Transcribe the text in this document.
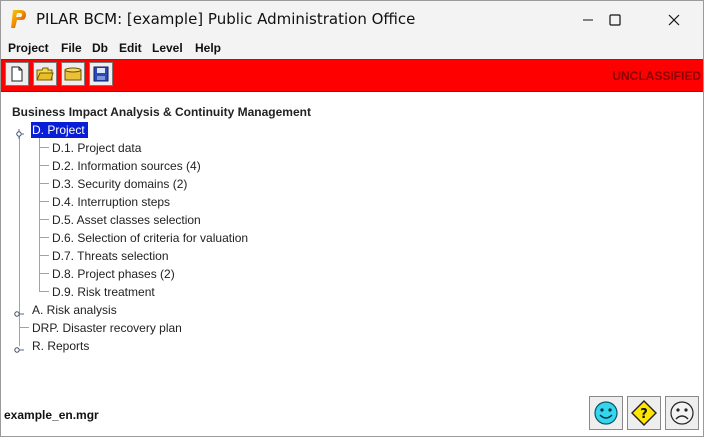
PILAR BCM: [example] Public Administration Office
Project File Db Edit Level Help
UNCLASSIFIED
Business Impact Analysis & Continuity Management
D. Project
D.1. Project data
D.2. Information sources (4)
D.3. Security domains (2)
D.4. Interruption steps
D.5. Asset classes selection
D.6. Selection of criteria for valuation
D.7. Threats selection
D.8. Project phases (2)
D.9. Risk treatment
A. Risk analysis
DRP. Disaster recovery plan
R. Reports
example_en.mgr	?
